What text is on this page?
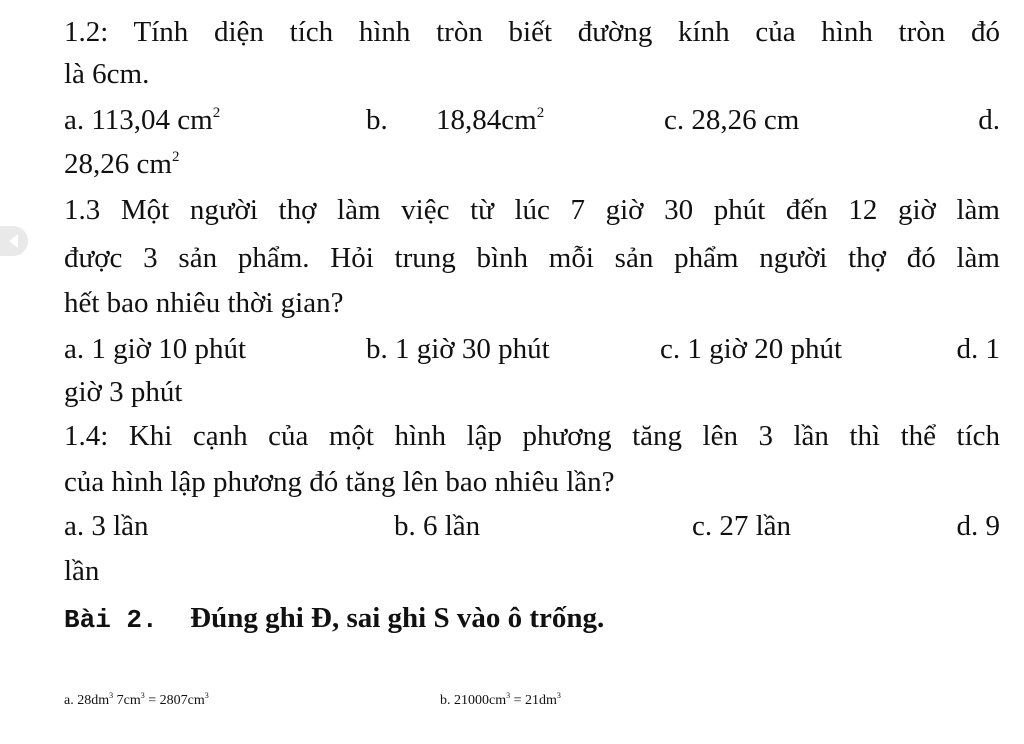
1.2: Tính diện tích hình tròn biết đường kính của hình tròn đó
là 6cm.
a. 113,04 $cm^2$	b. $18,84cm^2$	c. 28,26 cm	d.
28,26 $cm^2$
1.3 Một người thợ làm việc từ lúc 7 giờ 30 phút đến 12 giờ làm
được 3 sản phẩm. Hỏi trung bình mỗi sản phẩm người thợ đó làm
hết bao nhiêu thời gian?
a. 1 giờ 10 phút	b. 1 giờ 30 phút	c. 1 giờ 20 phút	d. 1
giờ 3 phút
1.4: Khi cạnh của một hình lập phương tăng lên 3 lần thì thể tích
của hình lập phương đó tăng lên bao nhiêu lần?
a. 3 lần	b. 6 lần	c. 27 lần	d. 9
lần
Bài 2. Đúng ghi Đ, sai ghi S vào ô trống.
a. $28dm^3$ $7cm^3 = 2807cm^3$	b. $21000cm^3 = 21dm^3$
